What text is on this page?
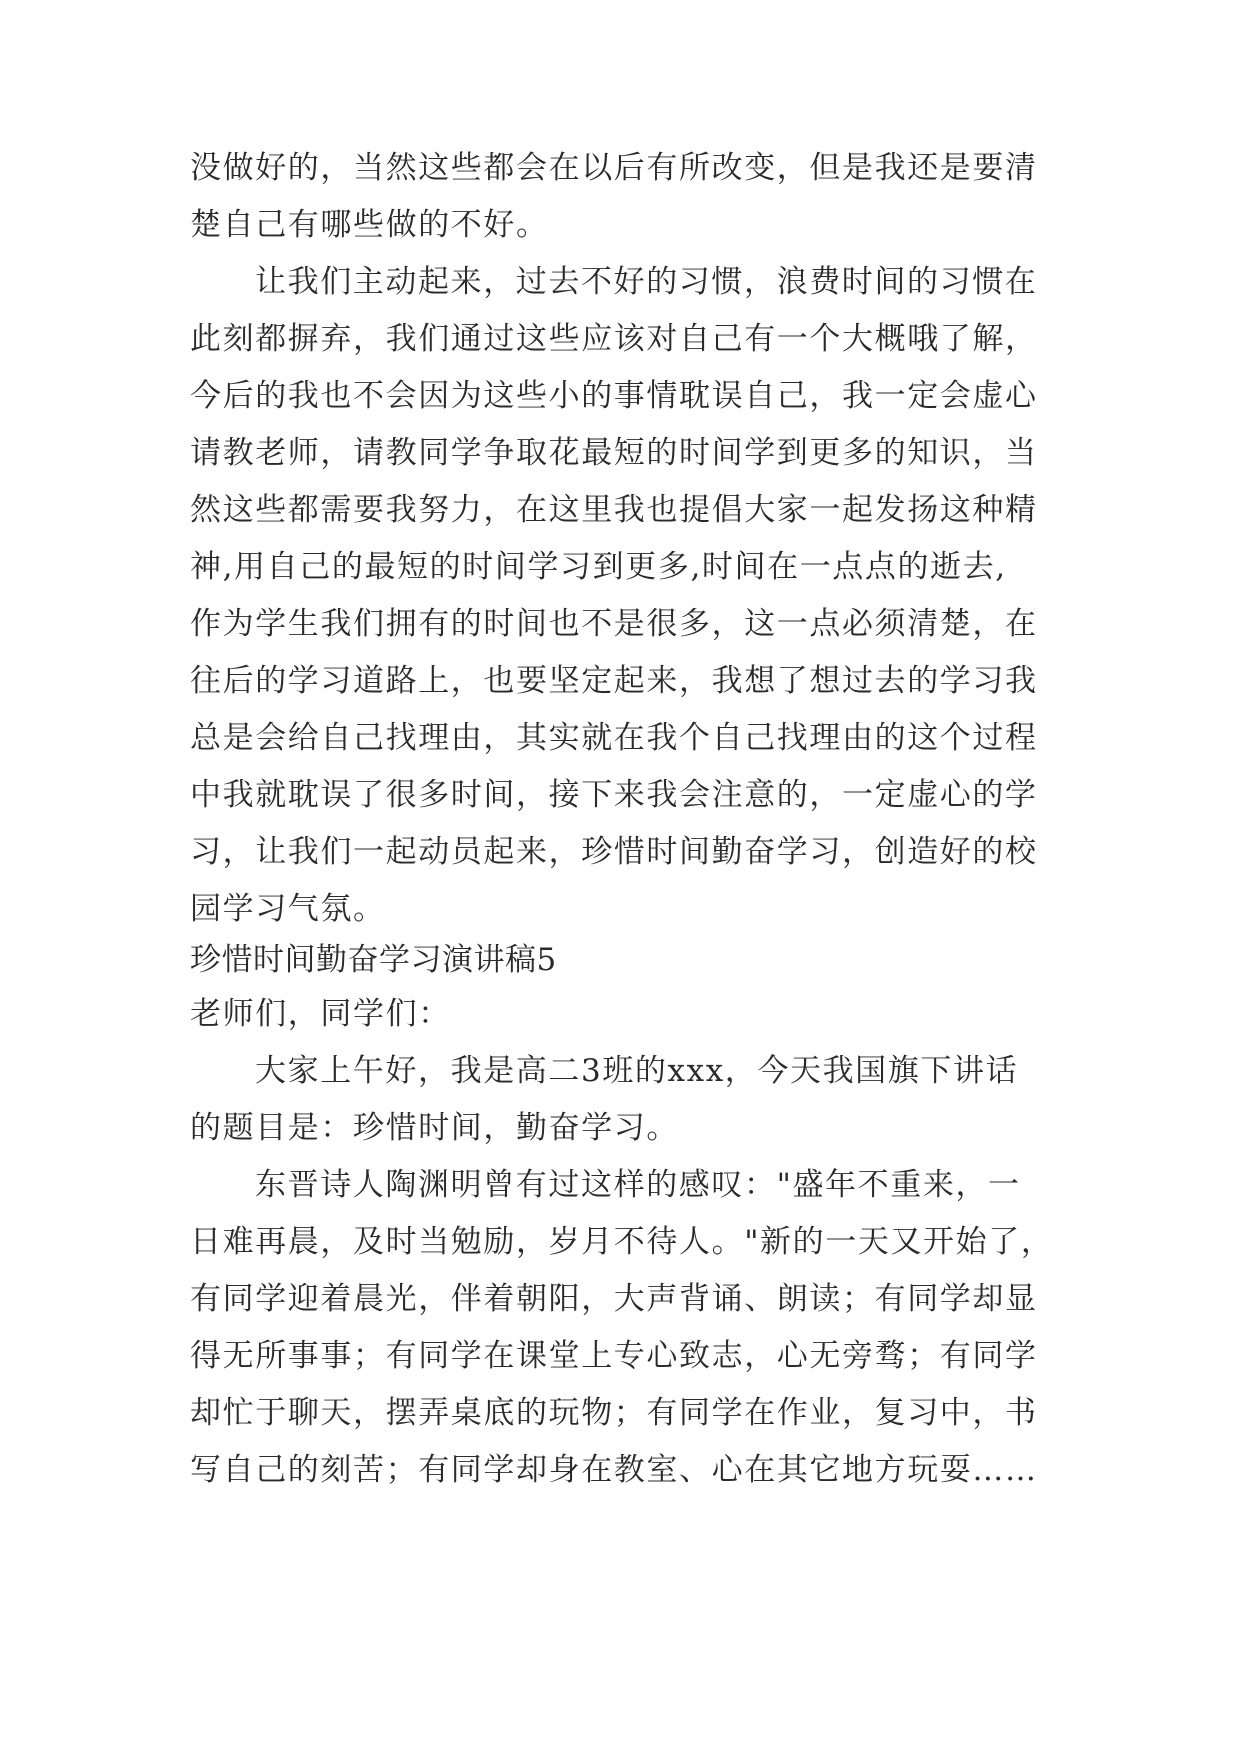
没做好的，当然这些都会在以后有所改变，但是我还是要清
楚自己有哪些做的不好。
让我们主动起来，过去不好的习惯，浪费时间的习惯在
此刻都摒弃，我们通过这些应该对自己有一个大概哦了解，
今后的我也不会因为这些小的事情耽误自己，我一定会虚心
请教老师，请教同学争取花最短的时间学到更多的知识，当
然这些都需要我努力，在这里我也提倡大家一起发扬这种精
神,用自己的最短的时间学习到更多,时间在一点点的逝去,
作为学生我们拥有的时间也不是很多，这一点必须清楚，在
往后的学习道路上，也要坚定起来，我想了想过去的学习我
总是会给自己找理由，其实就在我个自己找理由的这个过程
中我就耽误了很多时间，接下来我会注意的，一定虚心的学
习，让我们一起动员起来，珍惜时间勤奋学习，创造好的校
园学习气氛。
珍惜时间勤奋学习演讲稿5
老师们，同学们：
大家上午好，我是高二3班的xxx，今天我国旗下讲话
的题目是：珍惜时间，勤奋学习。
东晋诗人陶渊明曾有过这样的感叹："盛年不重来，一
日难再晨，及时当勉励，岁月不待人。"新的一天又开始了，
有同学迎着晨光，伴着朝阳，大声背诵、朗读；有同学却显
得无所事事；有同学在课堂上专心致志，心无旁骛；有同学
却忙于聊天，摆弄桌底的玩物；有同学在作业，复习中，书
写自己的刻苦；有同学却身在教室、心在其它地方玩耍……
